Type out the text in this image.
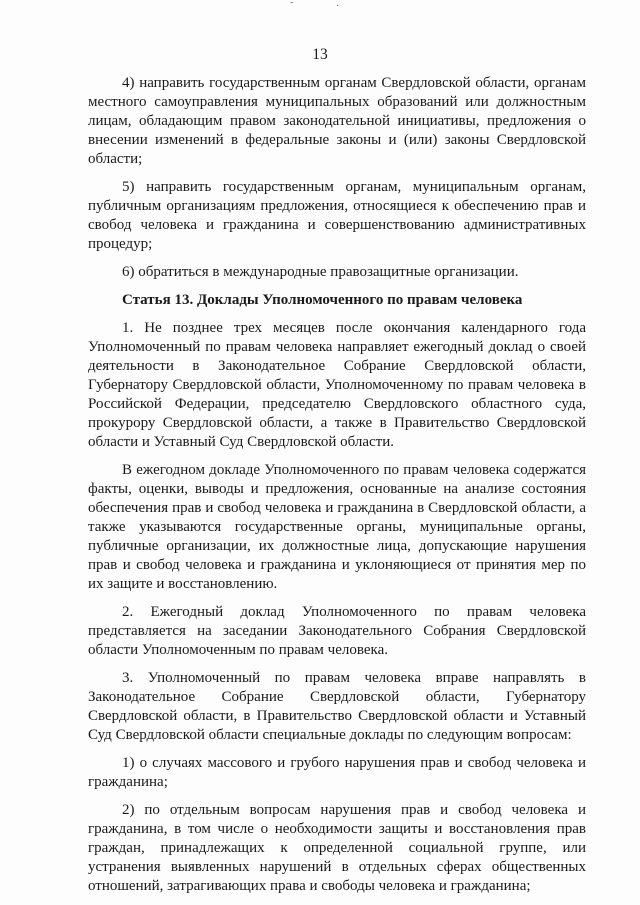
˜	·
13

4) направить государственным органам Свердловской области, органам местного самоуправления муниципальных образований или должностным лицам, обладающим правом законодательной инициативы, предложения о внесении изменений в федеральные законы и (или) законы Свердловской области;

5) направить государственным органам, муниципальным органам, публичным организациям предложения, относящиеся к обеспечению прав и свобод человека и гражданина и совершенствованию административных процедур;

6) обратиться в международные правозащитные организации.

Статья 13. Доклады Уполномоченного по правам человека

1. Не позднее трех месяцев после окончания календарного года Уполномоченный по правам человека направляет ежегодный доклад о своей деятельности в Законодательное Собрание Свердловской области, Губернатору Свердловской области, Уполномоченному по правам человека в Российской Федерации, председателю Свердловского областного суда, прокурору Свердловской области, а также в Правительство Свердловской области и Уставный Суд Свердловской области.

В ежегодном докладе Уполномоченного по правам человека содержатся факты, оценки, выводы и предложения, основанные на анализе состояния обеспечения прав и свобод человека и гражданина в Свердловской области, а также указываются государственные органы, муниципальные органы, публичные организации, их должностные лица, допускающие нарушения прав и свобод человека и гражданина и уклоняющиеся от принятия мер по их защите и восстановлению.

2. Ежегодный доклад Уполномоченного по правам человека представляется на заседании Законодательного Собрания Свердловской области Уполномоченным по правам человека.

3. Уполномоченный по правам человека вправе направлять в Законодательное Собрание Свердловской области, Губернатору Свердловской области, в Правительство Свердловской области и Уставный Суд Свердловской области специальные доклады по следующим вопросам:

1) о случаях массового и грубого нарушения прав и свобод человека и гражданина;

2) по отдельным вопросам нарушения прав и свобод человека и гражданина, в том числе о необходимости защиты и восстановления прав граждан, принадлежащих к определенной социальной группе, или устранения выявленных нарушений в отдельных сферах общественных отношений, затрагивающих права и свободы человека и гражданина;
